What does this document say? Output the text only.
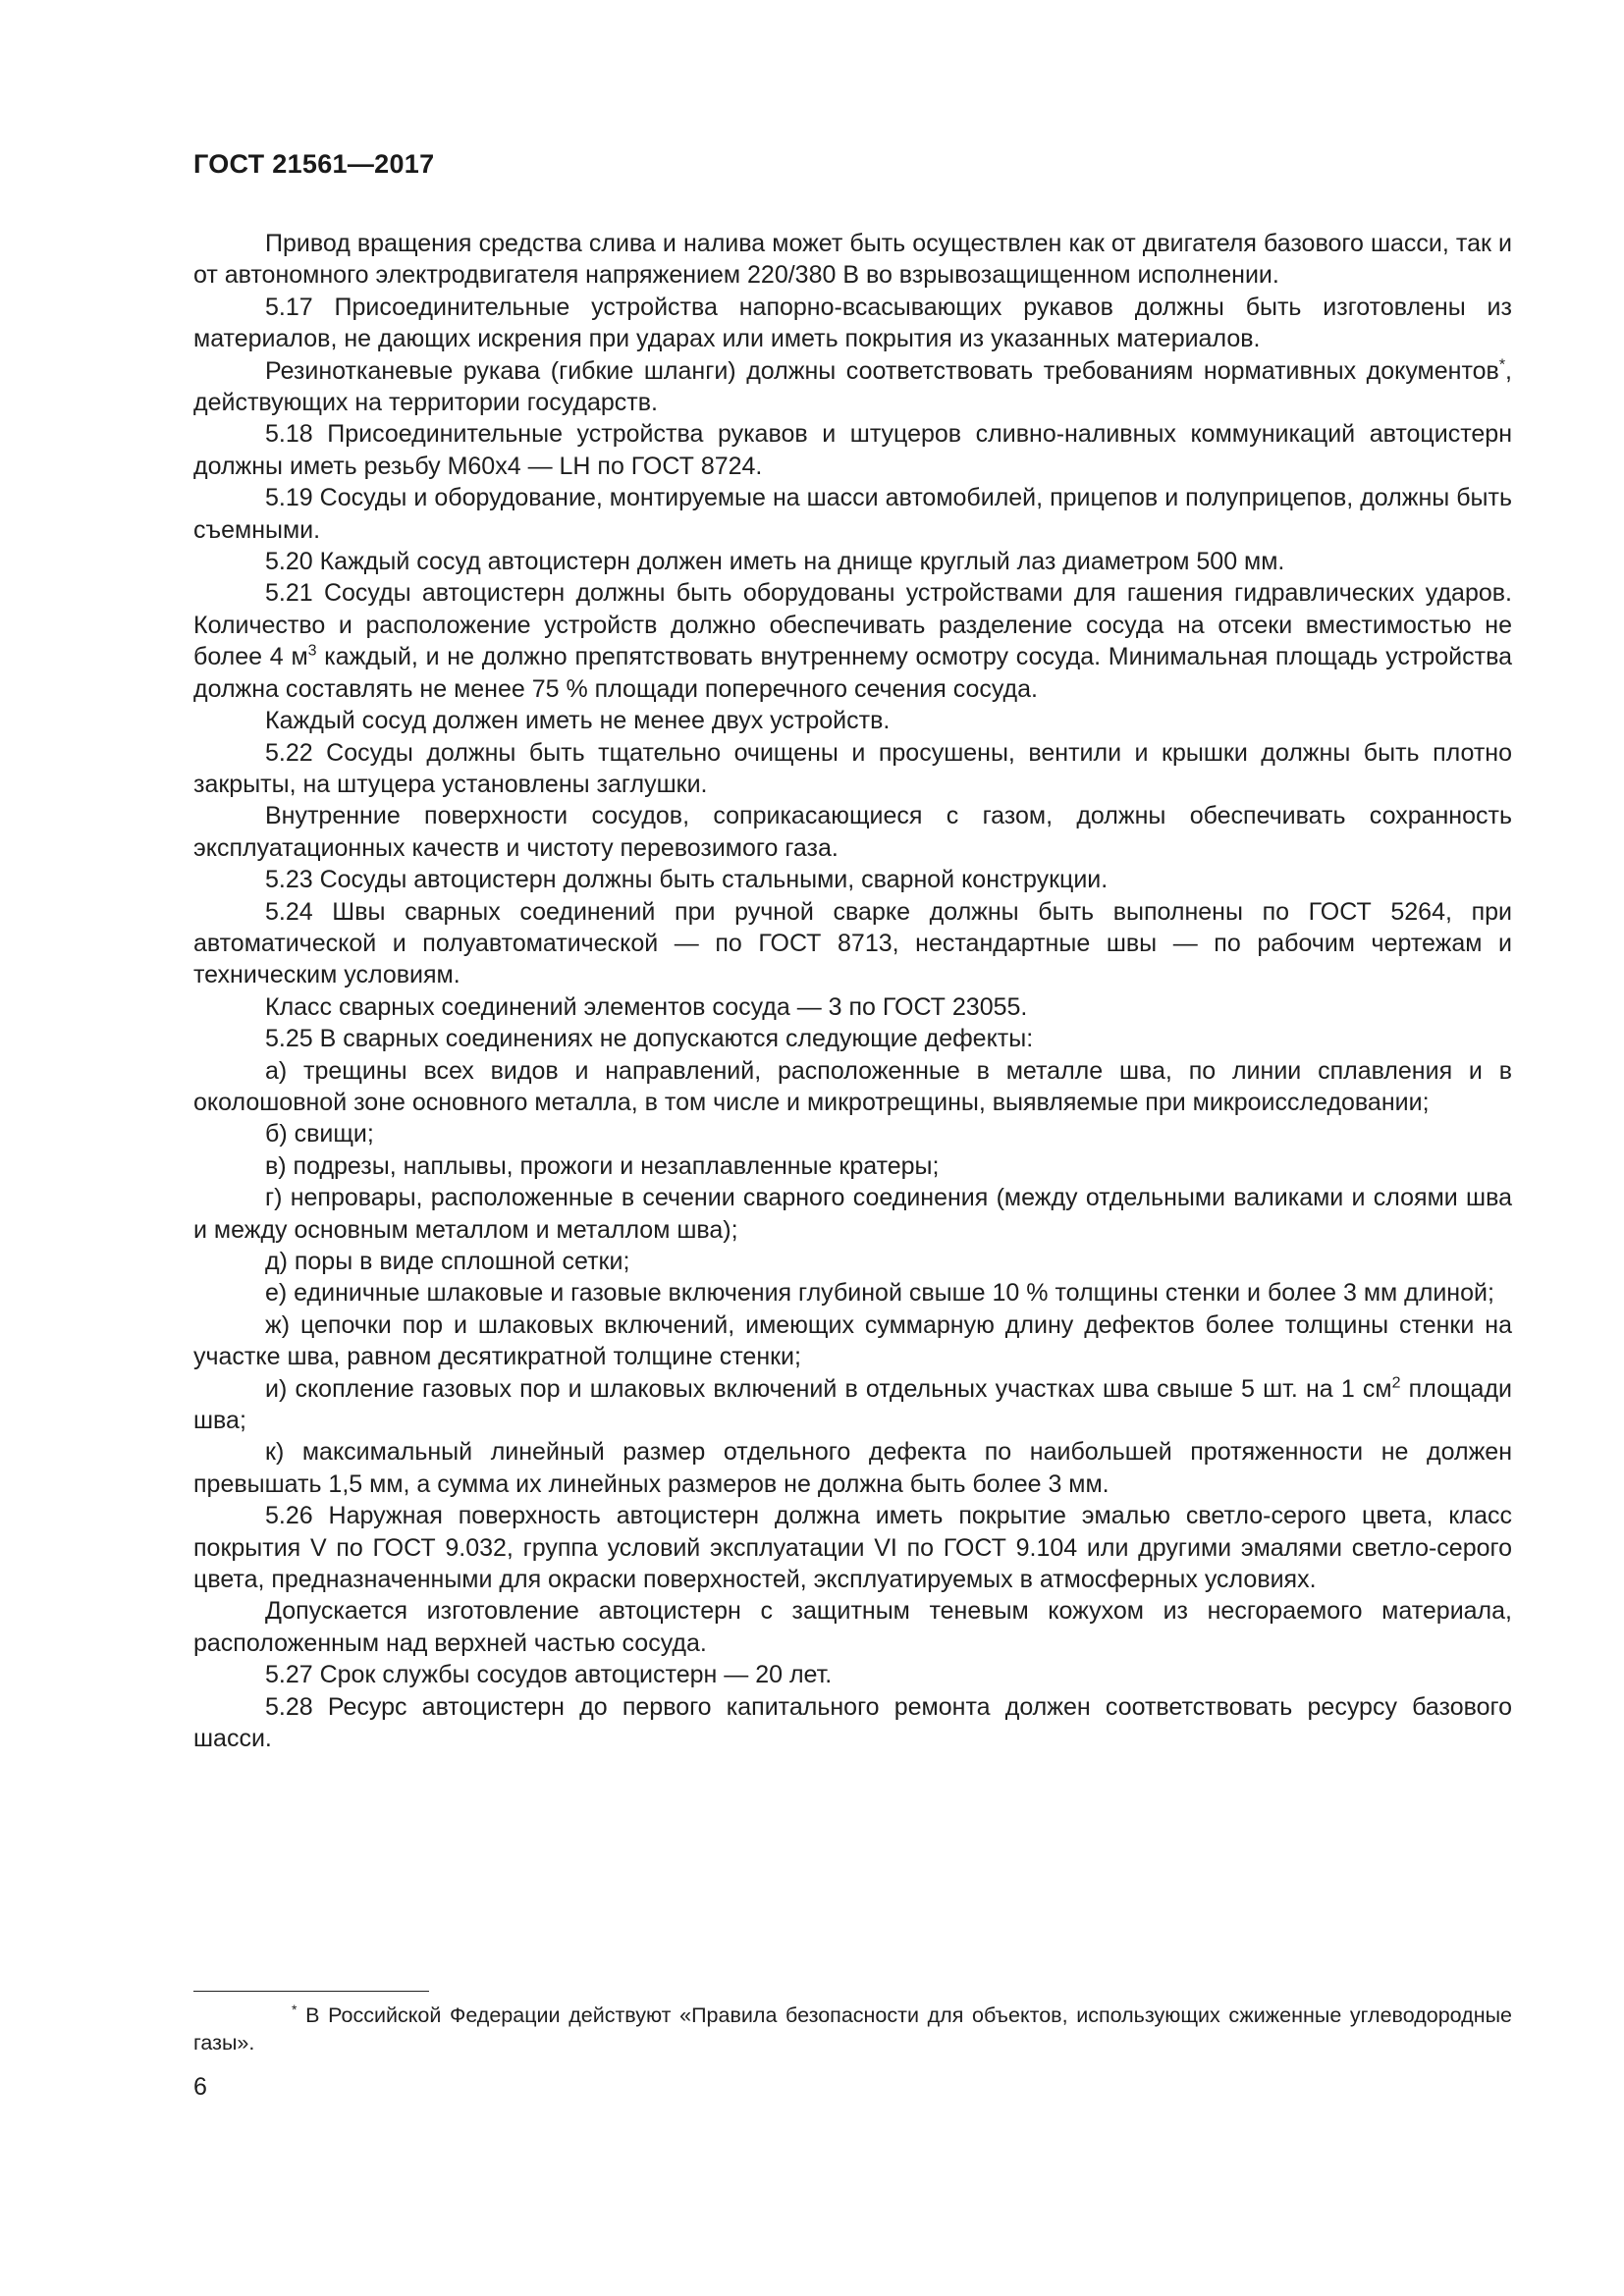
ГОСТ 21561—2017

Привод вращения средства слива и налива может быть осуществлен как от двигателя базового шасси, так и от автономного электродвигателя напряжением 220/380 В во взрывозащищенном исполнении.

5.17 Присоединительные устройства напорно-всасывающих рукавов должны быть изготовлены из материалов, не дающих искрения при ударах или иметь покрытия из указанных материалов.

Резинотканевые рукава (гибкие шланги) должны соответствовать требованиям нормативных документов*, действующих на территории государств.

5.18 Присоединительные устройства рукавов и штуцеров сливно-наливных коммуникаций автоцистерн должны иметь резьбу M60x4 — LH по ГОСТ 8724.

5.19 Сосуды и оборудование, монтируемые на шасси автомобилей, прицепов и полуприцепов, должны быть съемными.

5.20 Каждый сосуд автоцистерн должен иметь на днище круглый лаз диаметром 500 мм.

5.21 Сосуды автоцистерн должны быть оборудованы устройствами для гашения гидравлических ударов. Количество и расположение устройств должно обеспечивать разделение сосуда на отсеки вместимостью не более 4 $м^3$ каждый, и не должно препятствовать внутреннему осмотру сосуда. Минимальная площадь устройства должна составлять не менее 75 % площади поперечного сечения сосуда.

Каждый сосуд должен иметь не менее двух устройств.

5.22 Сосуды должны быть тщательно очищены и просушены, вентили и крышки должны быть плотно закрыты, на штуцера установлены заглушки.

Внутренние поверхности сосудов, соприкасающиеся с газом, должны обеспечивать сохранность эксплуатационных качеств и чистоту перевозимого газа.

5.23 Сосуды автоцистерн должны быть стальными, сварной конструкции.

5.24 Швы сварных соединений при ручной сварке должны быть выполнены по ГОСТ 5264, при автоматической и полуавтоматической — по ГОСТ 8713, нестандартные швы — по рабочим чертежам и техническим условиям.

Класс сварных соединений элементов сосуда — 3 по ГОСТ 23055.

5.25 В сварных соединениях не допускаются следующие дефекты:

а) трещины всех видов и направлений, расположенные в металле шва, по линии сплавления и в околошовной зоне основного металла, в том числе и микротрещины, выявляемые при микроисследовании;

б) свищи;

в) подрезы, наплывы, прожоги и незаплавленные кратеры;

г) непровары, расположенные в сечении сварного соединения (между отдельными валиками и слоями шва и между основным металлом и металлом шва);

д) поры в виде сплошной сетки;

е) единичные шлаковые и газовые включения глубиной свыше 10 % толщины стенки и более 3 мм длиной;

ж) цепочки пор и шлаковых включений, имеющих суммарную длину дефектов более толщины стенки на участке шва, равном десятикратной толщине стенки;

и) скопление газовых пор и шлаковых включений в отдельных участках шва свыше 5 шт. на 1 $см^2$ площади шва;

к) максимальный линейный размер отдельного дефекта по наибольшей протяженности не должен превышать 1,5 мм, а сумма их линейных размеров не должна быть более 3 мм.

5.26 Наружная поверхность автоцистерн должна иметь покрытие эмалью светло-серого цвета, класс покрытия V по ГОСТ 9.032, группа условий эксплуатации VI по ГОСТ 9.104 или другими эмалями светло-серого цвета, предназначенными для окраски поверхностей, эксплуатируемых в атмосферных условиях.

Допускается изготовление автоцистерн с защитным теневым кожухом из несгораемого материала, расположенным над верхней частью сосуда.

5.27 Срок службы сосудов автоцистерн — 20 лет.

5.28 Ресурс автоцистерн до первого капитального ремонта должен соответствовать ресурсу базового шасси.

* В Российской Федерации действуют «Правила безопасности для объектов, использующих сжиженные углеводородные газы».

6
